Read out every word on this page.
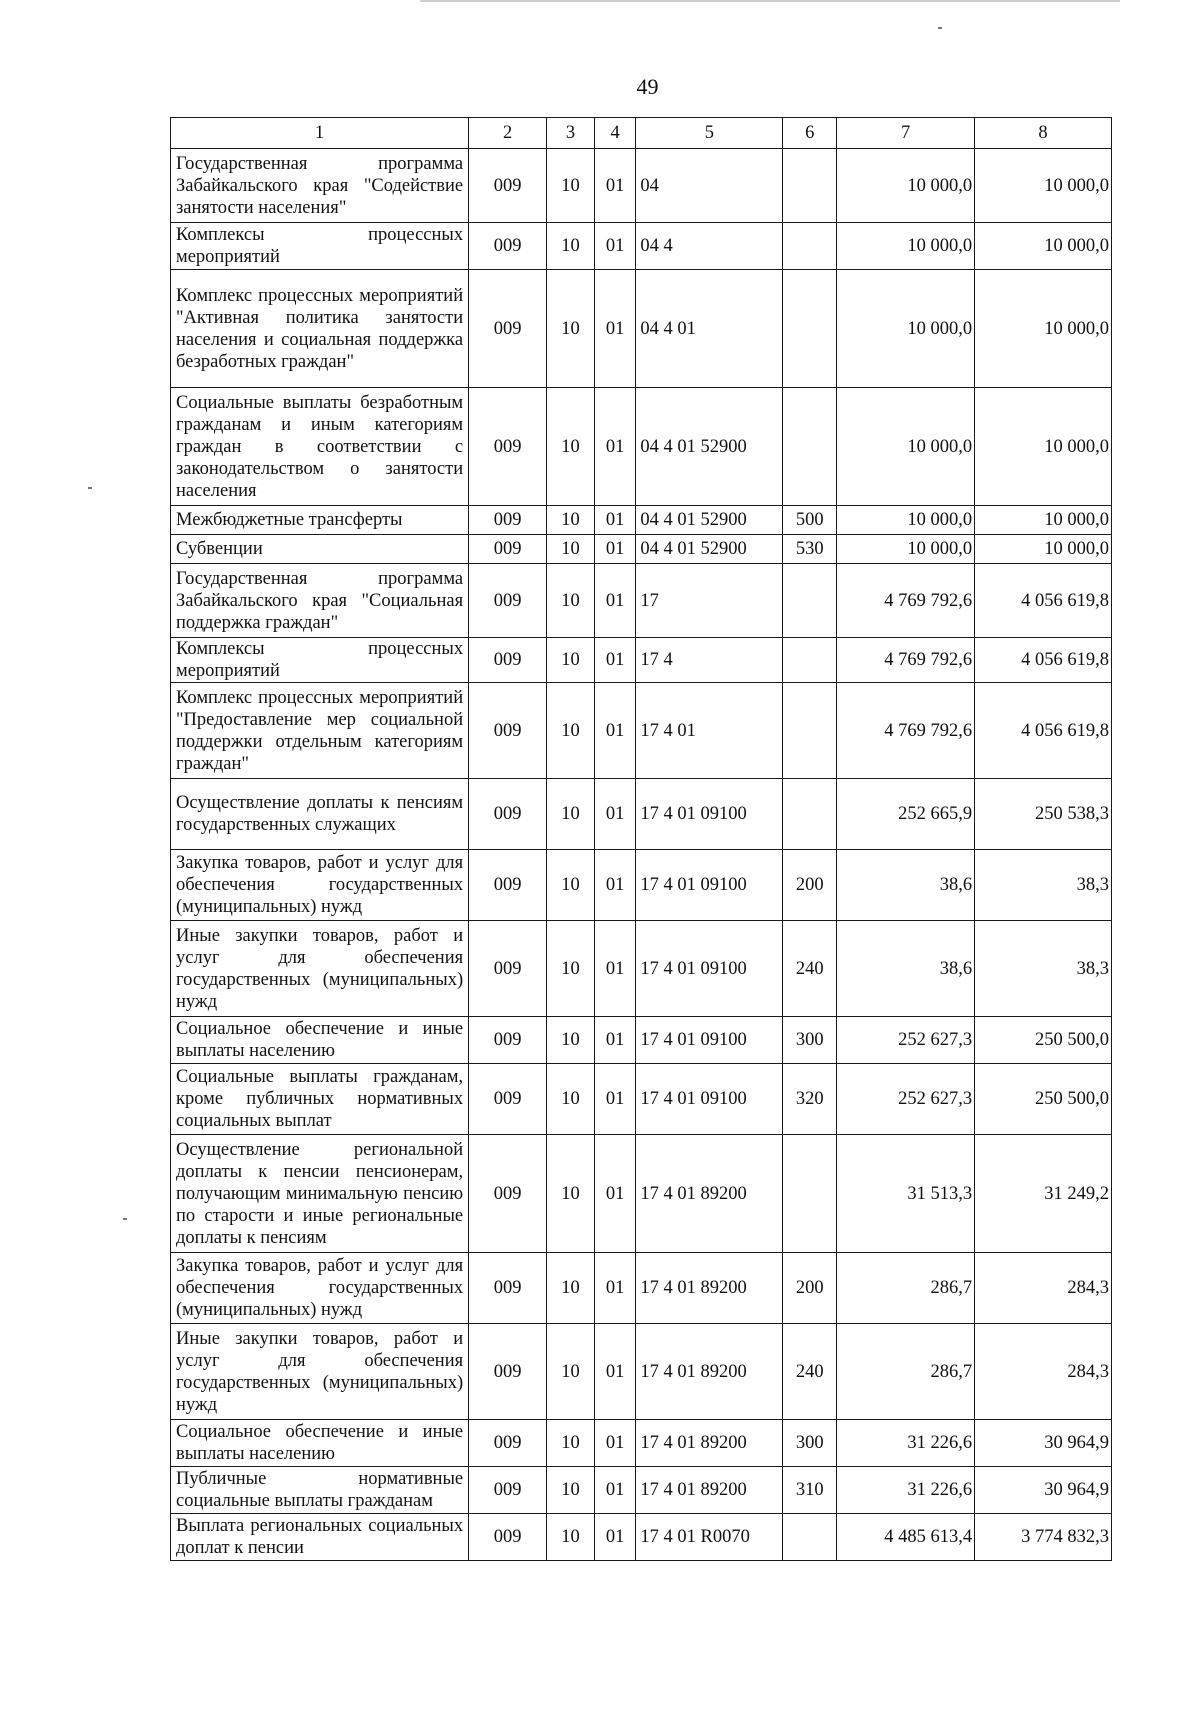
49
1	2	3	4	5	6	7	8
Государственная программа Забайкальского края "Содействие занятости населения"	009	10	01	04		10 000,0	10 000,0
Комплексы процессных мероприятий	009	10	01	04 4		10 000,0	10 000,0
Комплекс процессных мероприятий "Активная политика занятости населения и социальная поддержка безработных граждан"	009	10	01	04 4 01		10 000,0	10 000,0
Социальные выплаты безработным гражданам и иным категориям граждан в соответствии с законодательством о занятости населения	009	10	01	04 4 01 52900		10 000,0	10 000,0
Межбюджетные трансферты	009	10	01	04 4 01 52900	500	10 000,0	10 000,0
Субвенции	009	10	01	04 4 01 52900	530	10 000,0	10 000,0
Государственная программа Забайкальского края "Социальная поддержка граждан"	009	10	01	17		4 769 792,6	4 056 619,8
Комплексы процессных мероприятий	009	10	01	17 4		4 769 792,6	4 056 619,8
Комплекс процессных мероприятий "Предоставление мер социальной поддержки отдельным категориям граждан"	009	10	01	17 4 01		4 769 792,6	4 056 619,8
Осуществление доплаты к пенсиям государственных служащих	009	10	01	17 4 01 09100		252 665,9	250 538,3
Закупка товаров, работ и услуг для обеспечения государственных (муниципальных) нужд	009	10	01	17 4 01 09100	200	38,6	38,3
Иные закупки товаров, работ и услуг для обеспечения государственных (муниципальных) нужд	009	10	01	17 4 01 09100	240	38,6	38,3
Социальное обеспечение и иные выплаты населению	009	10	01	17 4 01 09100	300	252 627,3	250 500,0
Социальные выплаты гражданам, кроме публичных нормативных социальных выплат	009	10	01	17 4 01 09100	320	252 627,3	250 500,0
Осуществление региональной доплаты к пенсии пенсионерам, получающим минимальную пенсию по старости и иные региональные доплаты к пенсиям	009	10	01	17 4 01 89200		31 513,3	31 249,2
Закупка товаров, работ и услуг для обеспечения государственных (муниципальных) нужд	009	10	01	17 4 01 89200	200	286,7	284,3
Иные закупки товаров, работ и услуг для обеспечения государственных (муниципальных) нужд	009	10	01	17 4 01 89200	240	286,7	284,3
Социальное обеспечение и иные выплаты населению	009	10	01	17 4 01 89200	300	31 226,6	30 964,9
Публичные нормативные социальные выплаты гражданам	009	10	01	17 4 01 89200	310	31 226,6	30 964,9
Выплата региональных социальных доплат к пенсии	009	10	01	17 4 01 R0070		4 485 613,4	3 774 832,3
